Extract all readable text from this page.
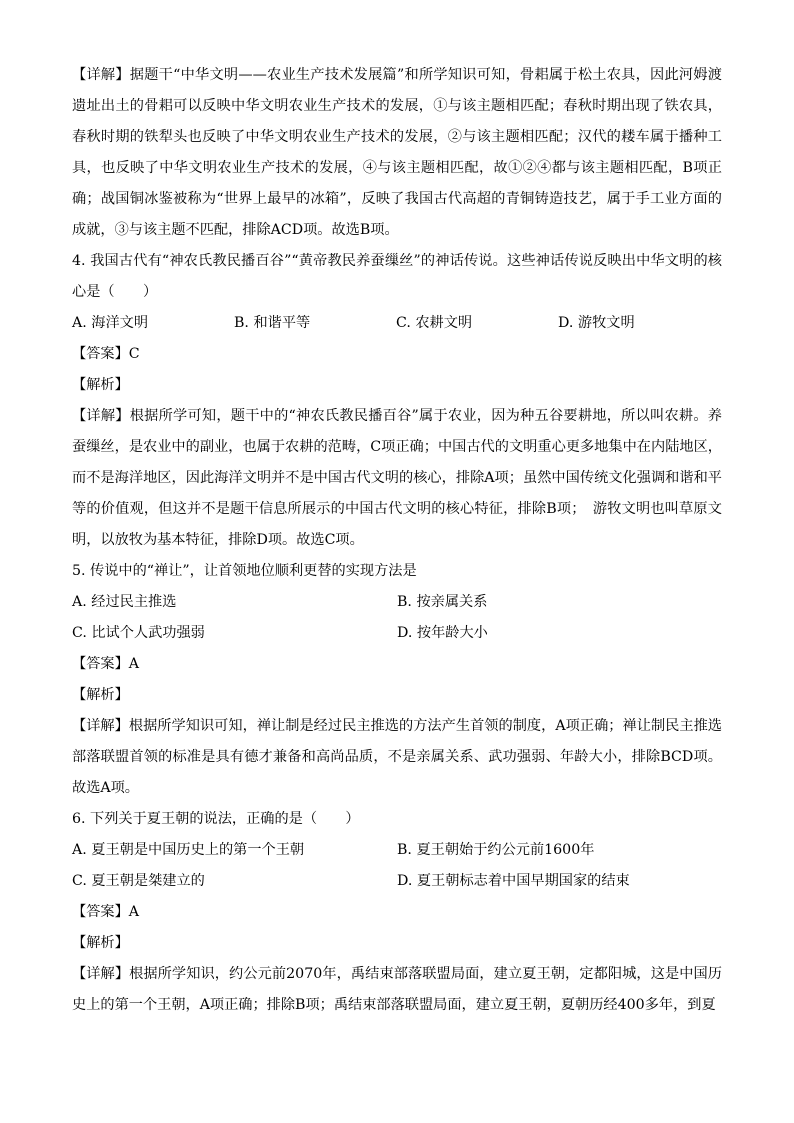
【详解】据题干“中华文明——农业生产技术发展篇”和所学知识可知，骨耜属于松土农具，因此河姆渡遗址出土的骨耜可以反映中华文明农业生产技术的发展，①与该主题相匹配；春秋时期出现了铁农具，春秋时期的铁犁头也反映了中华文明农业生产技术的发展，②与该主题相匹配；汉代的耧车属于播种工具，也反映了中华文明农业生产技术的发展，④与该主题相匹配，故①②④都与该主题相匹配，B项正确；战国铜冰鉴被称为“世界上最早的冰箱”，反映了我国古代高超的青铜铸造技艺，属于手工业方面的成就，③与该主题不匹配，排除ACD项。故选B项。

4. 我国古代有“神农氏教民播百谷”“黄帝教民养蚕缫丝”的神话传说。这些神话传说反映出中华文明的核心是（　　）

A. 海洋文明	B. 和谐平等	C. 农耕文明	D. 游牧文明

【答案】C

【解析】

【详解】根据所学可知，题干中的“神农氏教民播百谷”属于农业，因为种五谷要耕地，所以叫农耕。养蚕缫丝，是农业中的副业，也属于农耕的范畴，C项正确；中国古代的文明重心更多地集中在内陆地区，而不是海洋地区，因此海洋文明并不是中国古代文明的核心，排除A项；虽然中国传统文化强调和谐和平等的价值观，但这并不是题干信息所展示的中国古代文明的核心特征，排除B项；　游牧文明也叫草原文明，以放牧为基本特征，排除D项。故选C项。

5. 传说中的“禅让”，让首领地位顺利更替的实现方法是

A. 经过民主推选	B. 按亲属关系
C. 比试个人武功强弱	D. 按年龄大小

【答案】A

【解析】

【详解】根据所学知识可知，禅让制是经过民主推选的方法产生首领的制度，A项正确；禅让制民主推选部落联盟首领的标准是具有德才兼备和高尚品质，不是亲属关系、武功强弱、年龄大小，排除BCD项。故选A项。

6. 下列关于夏王朝的说法，正确的是（　　）

A. 夏王朝是中国历史上的第一个王朝	B. 夏王朝始于约公元前1600年
C. 夏王朝是桀建立的	D. 夏王朝标志着中国早期国家的结束

【答案】A

【解析】

【详解】根据所学知识，约公元前2070年，禹结束部落联盟局面，建立夏王朝，定都阳城，这是中国历史上的第一个王朝，A项正确；排除B项；禹结束部落联盟局面，建立夏王朝，夏朝历经400多年，到夏
